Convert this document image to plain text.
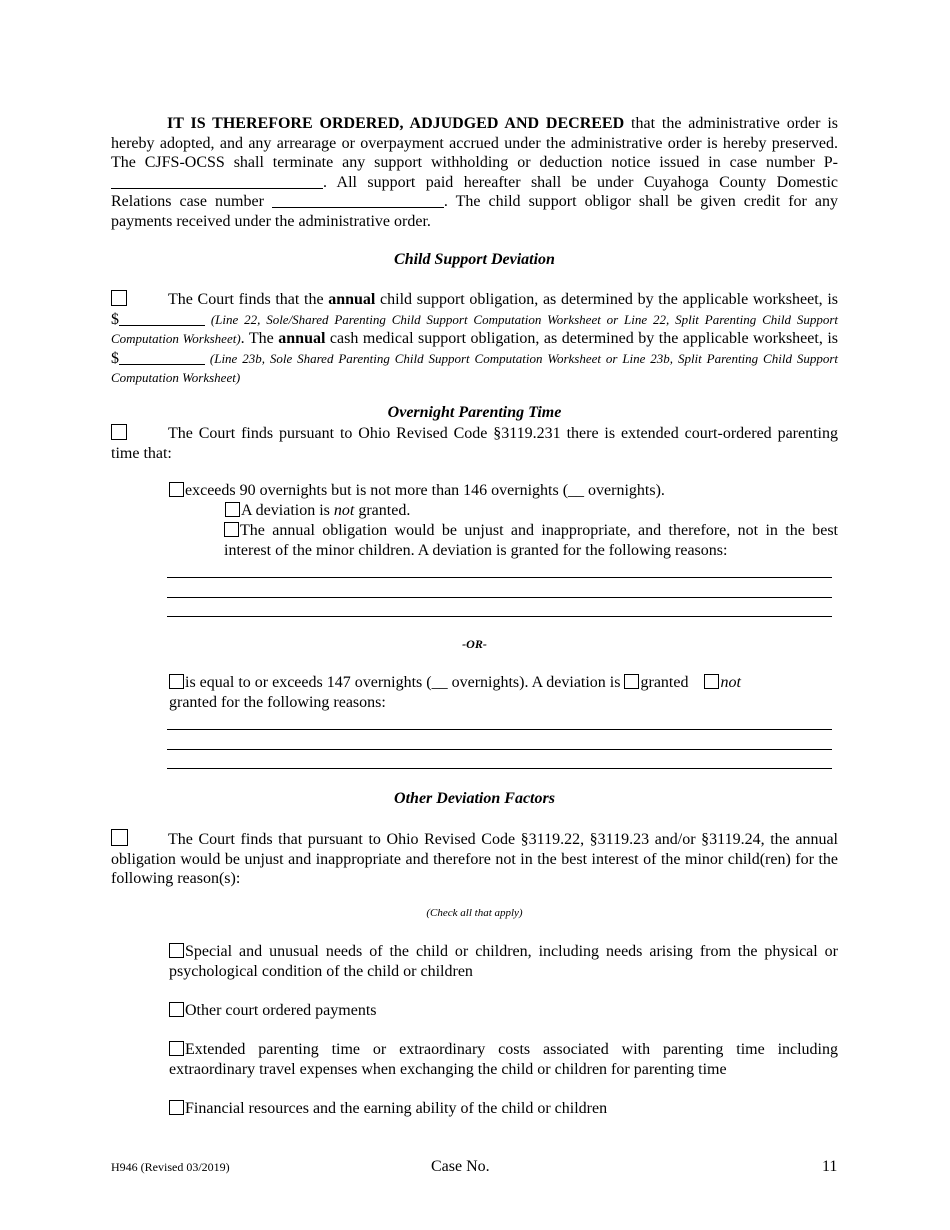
IT IS THEREFORE ORDERED, ADJUDGED AND DECREED that the administrative order is hereby adopted, and any arrearage or overpayment accrued under the administrative order is hereby preserved. The CJFS-OCSS shall terminate any support withholding or deduction notice issued in case number P-. All support paid hereafter shall be under Cuyahoga County Domestic Relations case number	. The child support obligor shall be given credit for any payments received under the administrative order.
Child Support Deviation
The Court finds that the annual child support obligation, as determined by the applicable worksheet, is $	(Line 22, Sole/Shared Parenting Child Support Computation Worksheet or Line 22, Split Parenting Child Support Computation Worksheet). The annual cash medical support obligation, as determined by the applicable worksheet, is $	(Line 23b, Sole Shared Parenting Child Support Computation Worksheet or Line 23b, Split Parenting Child Support Computation Worksheet)
Overnight Parenting Time
The Court finds pursuant to Ohio Revised Code §3119.231 there is extended court-ordered parenting time that:
exceeds 90 overnights but is not more than 146 overnights (__ overnights).
A deviation is not granted.
The annual obligation would be unjust and inappropriate, and therefore, not in the best interest of the minor children. A deviation is granted for the following reasons:
-OR-
is equal to or exceeds 147 overnights (__ overnights). A deviation is granted not
granted for the following reasons:
Other Deviation Factors
The Court finds that pursuant to Ohio Revised Code §3119.22, §3119.23 and/or §3119.24, the annual obligation would be unjust and inappropriate and therefore not in the best interest of the minor child(ren) for the following reason(s):
(Check all that apply)
Special and unusual needs of the child or children, including needs arising from the physical or psychological condition of the child or children
Other court ordered payments
Extended parenting time or extraordinary costs associated with parenting time including extraordinary travel expenses when exchanging the child or children for parenting time
Financial resources and the earning ability of the child or children
H946 (Revised 03/2019)	Case No.	11
